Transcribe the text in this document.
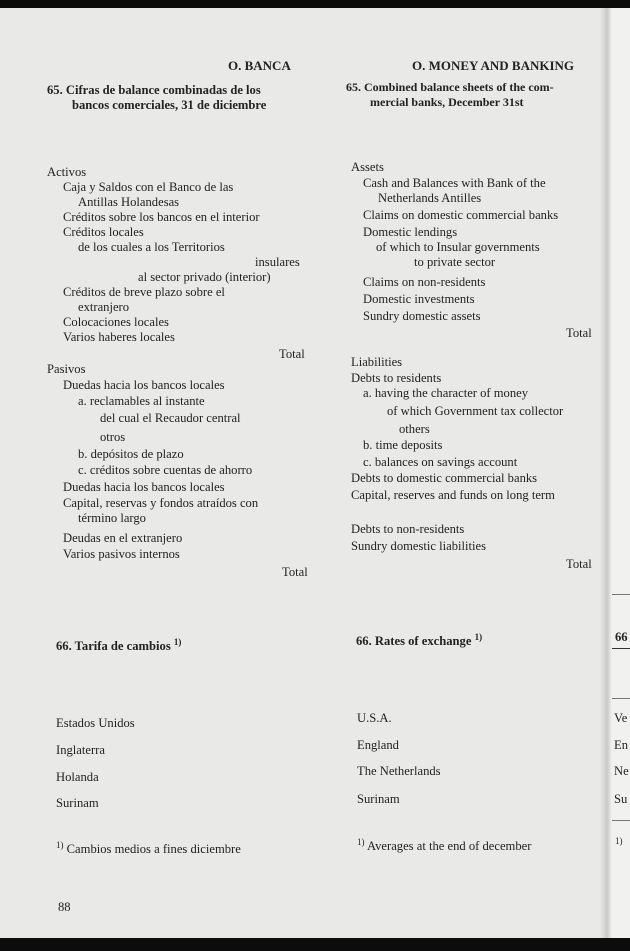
66
Ve
En
Ne
Su
1)
O. BANCA
65. Cifras de balance combinadas de los
bancos comerciales, 31 de diciembre
Activos
Caja y Saldos con el Banco de las
Antillas Holandesas
Créditos sobre los bancos en el interior
Créditos locales
de los cuales a los Territorios
insulares
al sector privado (interior)
Créditos de breve plazo sobre el
extranjero
Colocaciones locales
Varios haberes locales
Total
Pasivos
Duedas hacia los bancos locales
a. reclamables al instante
del cual el Recaudor central
otros
b. depósitos de plazo
c. créditos sobre cuentas de ahorro
Duedas hacia los bancos locales
Capital, reservas y fondos atraídos con
término largo
Deudas en el extranjero
Varios pasivos internos
Total
66. Tarifa de cambios $^{1)}$
Estados Unidos
Inglaterra
Holanda
Surinam
$^{1)}$ Cambios medios a fines diciembre
88
O. MONEY AND BANKING
65. Combined balance sheets of the com-
mercial banks, December 31st
Assets
Cash and Balances with Bank of the
Netherlands Antilles
Claims on domestic commercial banks
Domestic lendings
of which to Insular governments
to private sector
Claims on non-residents
Domestic investments
Sundry domestic assets
Total
Liabilities
Debts to residents
a. having the character of money
of which Government tax collector
others
b. time deposits
c. balances on savings account
Debts to domestic commercial banks
Capital, reserves and funds on long term
Debts to non-residents
Sundry domestic liabilities
Total
66. Rates of exchange $^{1)}$
U.S.A.
England
The Netherlands
Surinam
$^{1)}$ Averages at the end of december
